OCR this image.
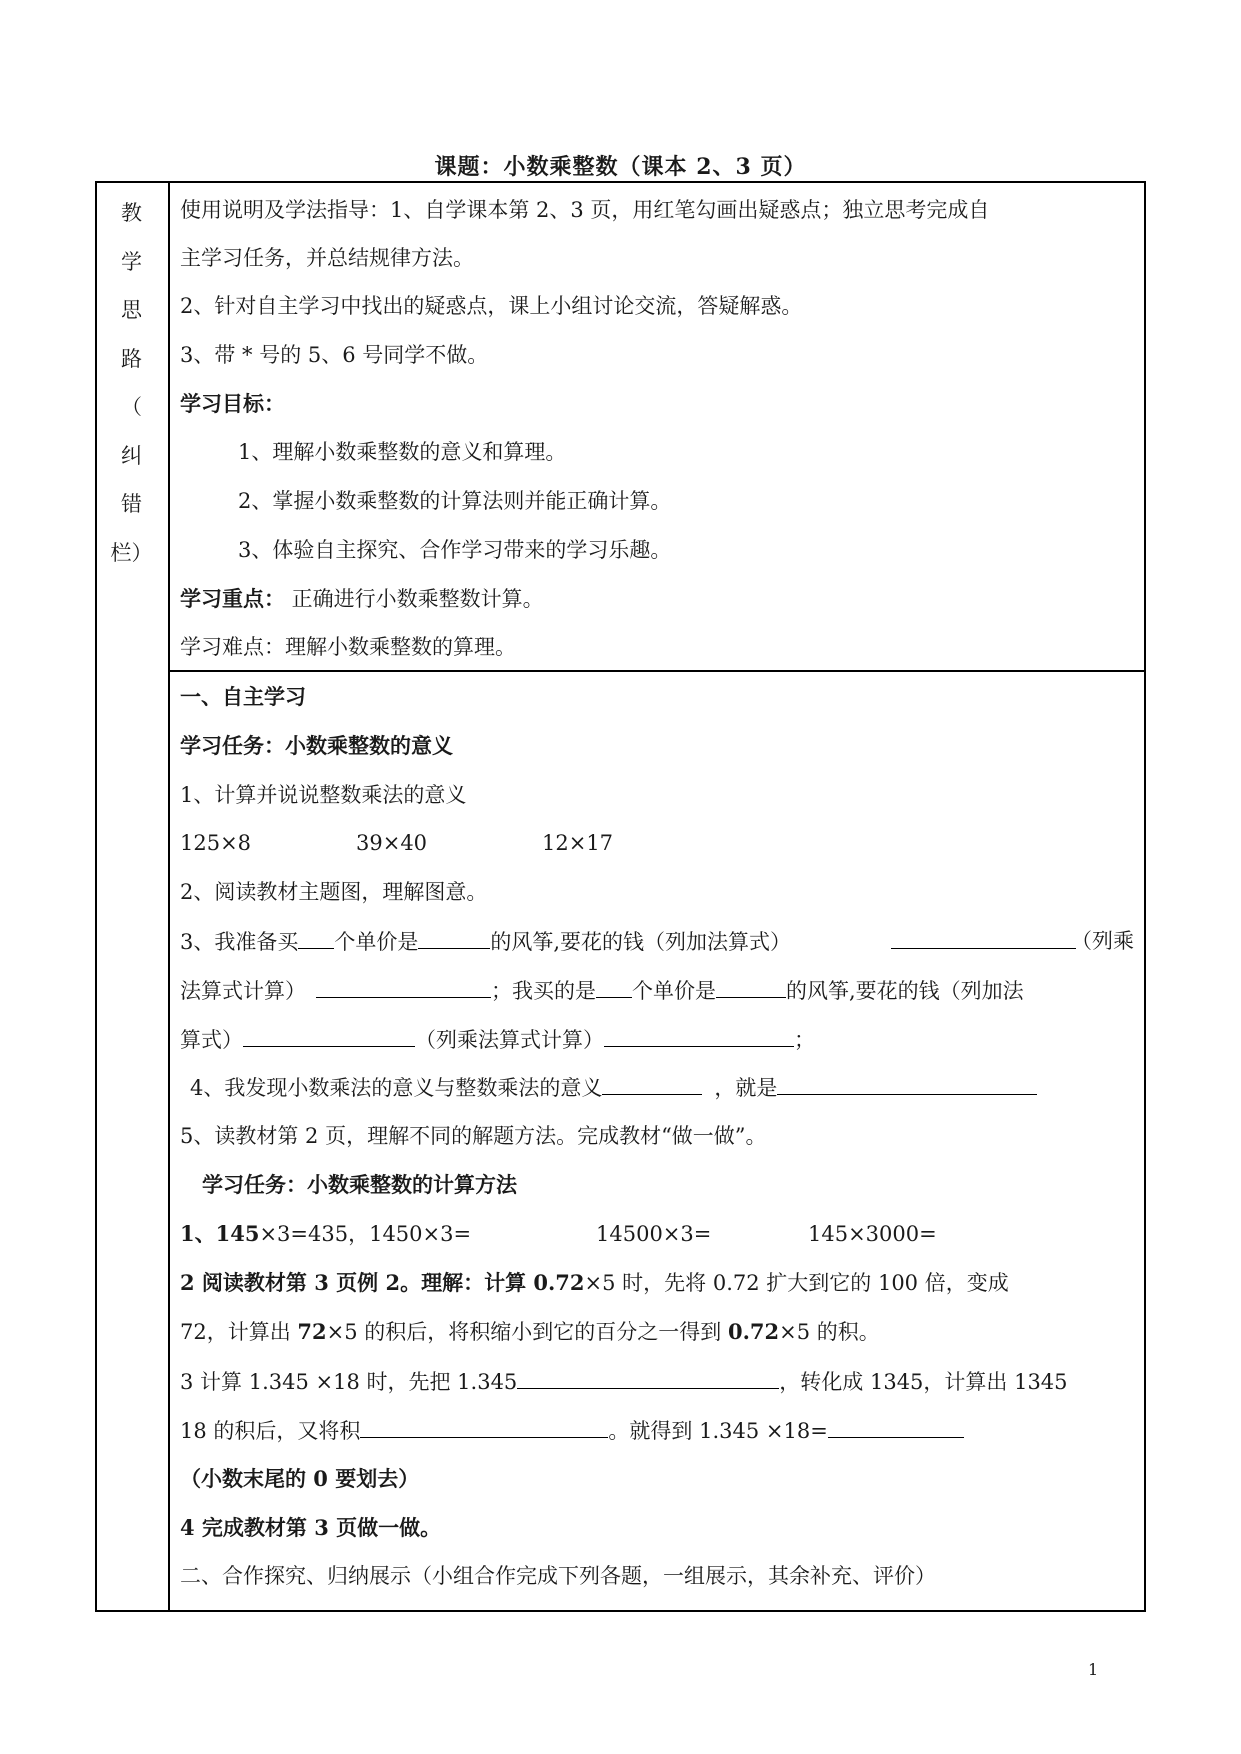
课题：小数乘整数（课本 2、3 页）
教
学
思
路
（
纠
错
栏）
使用说明及学法指导：1、自学课本第 2、3 页，用红笔勾画出疑惑点；独立思考完成自
主学习任务，并总结规律方法。
2、针对自主学习中找出的疑惑点，课上小组讨论交流，答疑解惑。
3、带 * 号的 5、6 号同学不做。
学习目标：
1、理解小数乘整数的意义和算理。
2、掌握小数乘整数的计算法则并能正确计算。
3、体验自主探究、合作学习带来的学习乐趣。
学习重点： 正确进行小数乘整数计算。
学习难点：理解小数乘整数的算理。
一、自主学习
学习任务：小数乘整数的意义
1、计算并说说整数乘法的意义
125×8	39×40	12×17
2、阅读教材主题图，理解图意。
3、我准备买 个单价是	的风筝,要花的钱（列加法算式）	（列乘
法算式计算）	；我买的是 个单价是	的风筝,要花的钱（列加法
算式）	（列乘法算式计算）	；
4、我发现小数乘法的意义与整数乘法的意义	，就是
5、读教材第 2 页，理解不同的解题方法。完成教材“做一做”。
学习任务：小数乘整数的计算方法
1、145×3=435，1450×3=	14500×3=	145×3000=
2 阅读教材第 3 页例 2。理解：计算 0.72×5 时，先将 0.72 扩大到它的 100 倍，变成
72，计算出 72×5 的积后，将积缩小到它的百分之一得到 0.72×5 的积。
3 计算 1.345 ×18 时，先把 1.345	，转化成 1345，计算出 1345
18 的积后，又将积	。就得到 1.345 ×18=
（小数末尾的 0 要划去）
4 完成教材第 3 页做一做。
二、合作探究、归纳展示（小组合作完成下列各题，一组展示，其余补充、评价）
1
